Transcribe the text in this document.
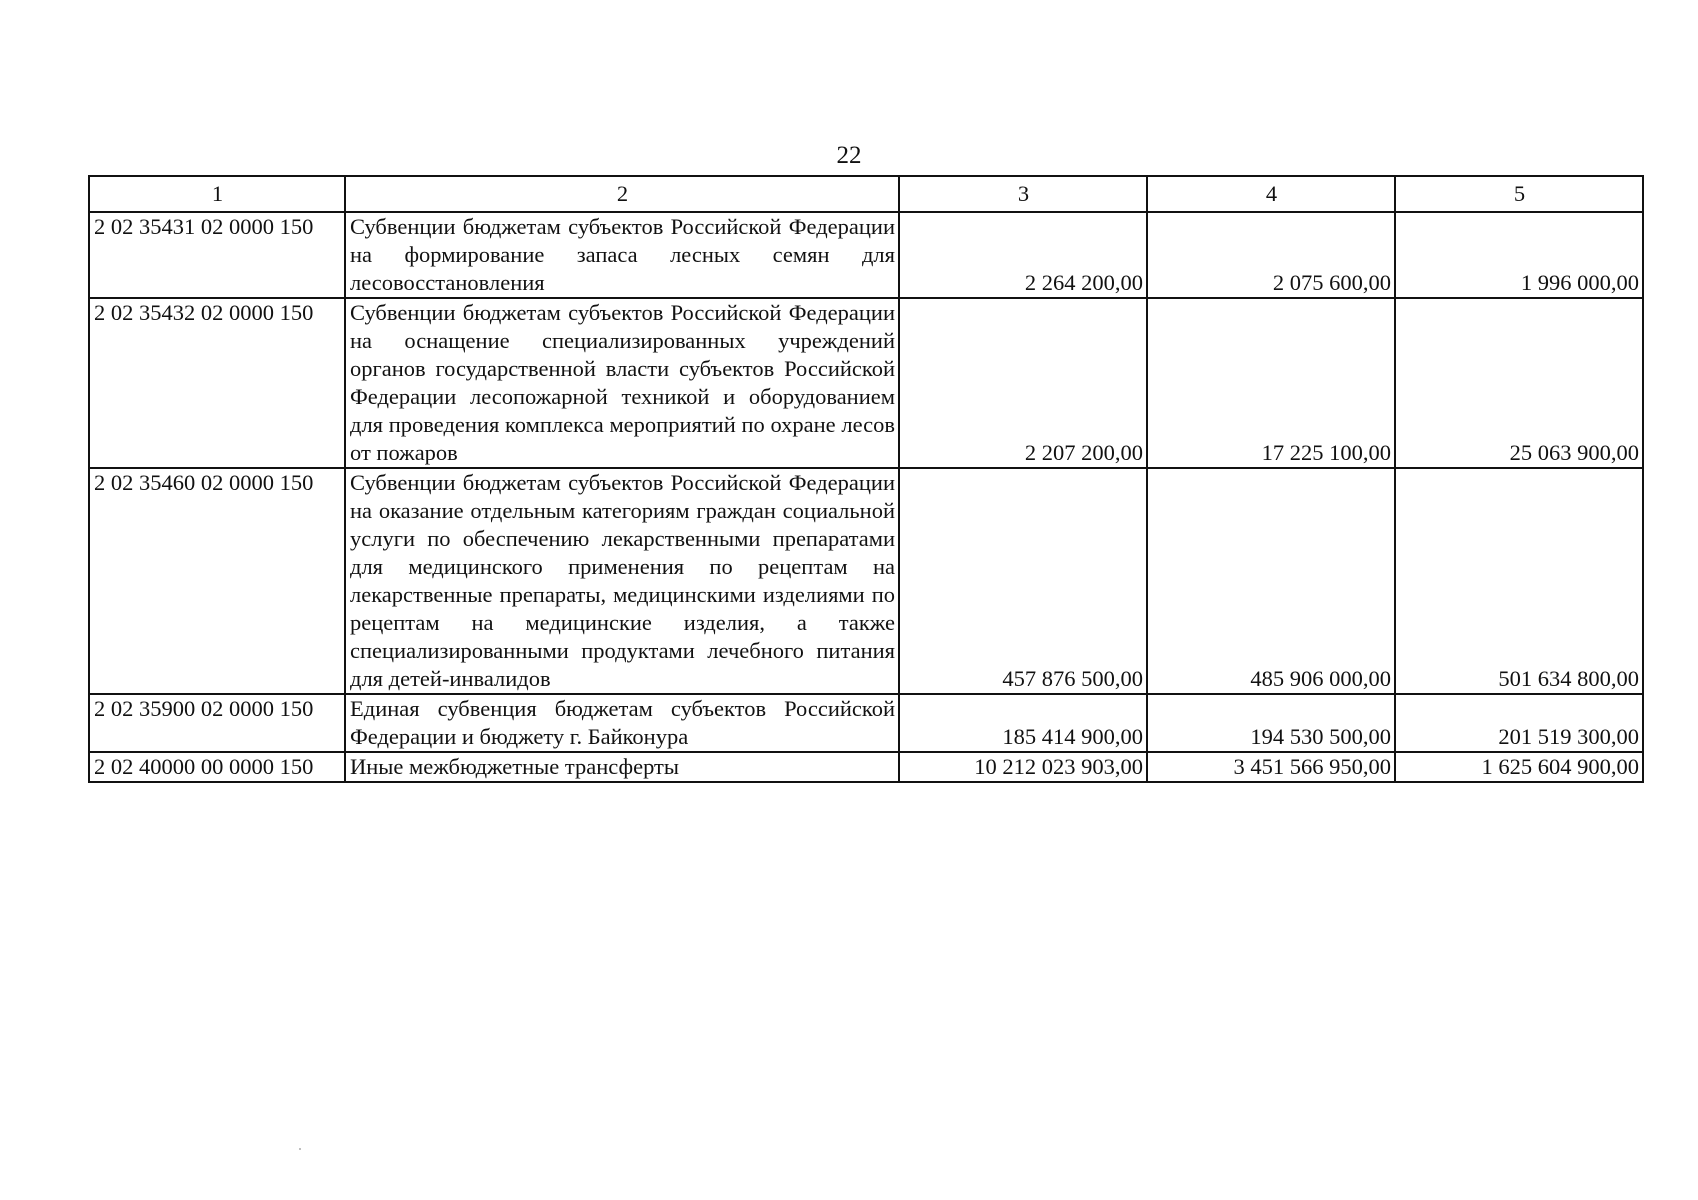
22
1	2	3	4	5
2 02 35431 02 0000 150	Субвенции бюджетам субъектов Российской Федерации на формирование запаса лесных семян для лесовосстановления	2 264 200,00	2 075 600,00	1 996 000,00
2 02 35432 02 0000 150	Субвенции бюджетам субъектов Российской Федерации на оснащение специализированных учреждений органов государственной власти субъектов Российской Федерации лесопожарной техникой и оборудованием для проведения комплекса мероприятий по охране лесов от пожаров	2 207 200,00	17 225 100,00	25 063 900,00
2 02 35460 02 0000 150	Субвенции бюджетам субъектов Российской Федерации на оказание отдельным категориям граждан социальной услуги по обеспечению лекарственными препаратами для медицинского применения по рецептам на лекарственные препараты, медицинскими изделиями по рецептам на медицинские изделия, а также специализированными продуктами лечебного питания для детей-инвалидов	457 876 500,00	485 906 000,00	501 634 800,00
2 02 35900 02 0000 150	Единая субвенция бюджетам субъектов Российской Федерации и бюджету г. Байконура	185 414 900,00	194 530 500,00	201 519 300,00
2 02 40000 00 0000 150	Иные межбюджетные трансферты	10 212 023 903,00	3 451 566 950,00	1 625 604 900,00
